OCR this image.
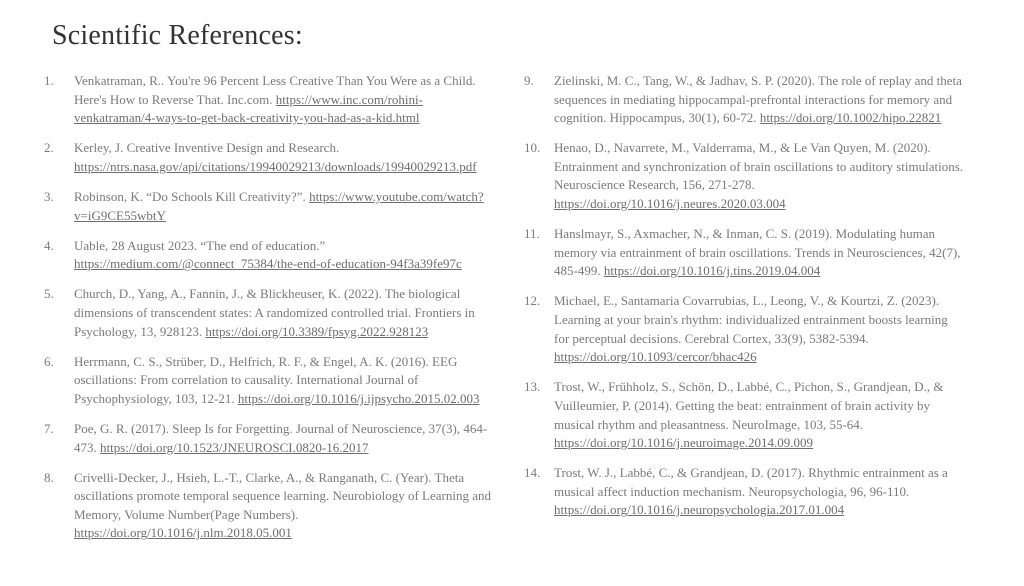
Scientific References:
1.	Venkatraman, R.. You're 96 Percent Less Creative Than You Were as a Child. Here's How to Reverse That. Inc.com. https://www.inc.com/rohini-venkatraman/4-ways-to-get-back-creativity-you-had-as-a-kid.html
2.	Kerley, J. Creative Inventive Design and Research. https://ntrs.nasa.gov/api/citations/19940029213/downloads/19940029213.pdf
3.	Robinson, K. “Do Schools Kill Creativity?”. https://www.youtube.com/watch?v=iG9CE55wbtY
4.	Uable, 28 August 2023. “The end of education.” https://medium.com/@connect_75384/the-end-of-education-94f3a39fe97c
5.	Church, D., Yang, A., Fannin, J., & Blickheuser, K. (2022). The biological dimensions of transcendent states: A randomized controlled trial. Frontiers in Psychology, 13, 928123. https://doi.org/10.3389/fpsyg.2022.928123
6.	Herrmann, C. S., Strüber, D., Helfrich, R. F., & Engel, A. K. (2016). EEG oscillations: From correlation to causality. International Journal of Psychophysiology, 103, 12-21. https://doi.org/10.1016/j.ijpsycho.2015.02.003
7.	Poe, G. R. (2017). Sleep Is for Forgetting. Journal of Neuroscience, 37(3), 464-473. https://doi.org/10.1523/JNEUROSCI.0820-16.2017
8.	Crivelli-Decker, J., Hsieh, L.-T., Clarke, A., & Ranganath, C. (Year). Theta oscillations promote temporal sequence learning. Neurobiology of Learning and Memory, Volume Number(Page Numbers). https://doi.org/10.1016/j.nlm.2018.05.001
9.	Zielinski, M. C., Tang, W., & Jadhav, S. P. (2020). The role of replay and theta sequences in mediating hippocampal-prefrontal interactions for memory and cognition. Hippocampus, 30(1), 60-72. https://doi.org/10.1002/hipo.22821
10.	Henao, D., Navarrete, M., Valderrama, M., & Le Van Quyen, M. (2020). Entrainment and synchronization of brain oscillations to auditory stimulations. Neuroscience Research, 156, 271-278. https://doi.org/10.1016/j.neures.2020.03.004
11.	Hanslmayr, S., Axmacher, N., & Inman, C. S. (2019). Modulating human memory via entrainment of brain oscillations. Trends in Neurosciences, 42(7), 485-499. https://doi.org/10.1016/j.tins.2019.04.004
12.	Michael, E., Santamaria Covarrubias, L., Leong, V., & Kourtzi, Z. (2023). Learning at your brain's rhythm: individualized entrainment boosts learning for perceptual decisions. Cerebral Cortex, 33(9), 5382-5394. https://doi.org/10.1093/cercor/bhac426
13.	Trost, W., Frühholz, S., Schön, D., Labbé, C., Pichon, S., Grandjean, D., & Vuilleumier, P. (2014). Getting the beat: entrainment of brain activity by musical rhythm and pleasantness. NeuroImage, 103, 55-64. https://doi.org/10.1016/j.neuroimage.2014.09.009
14.	Trost, W. J., Labbé, C., & Grandjean, D. (2017). Rhythmic entrainment as a musical affect induction mechanism. Neuropsychologia, 96, 96-110. https://doi.org/10.1016/j.neuropsychologia.2017.01.004
